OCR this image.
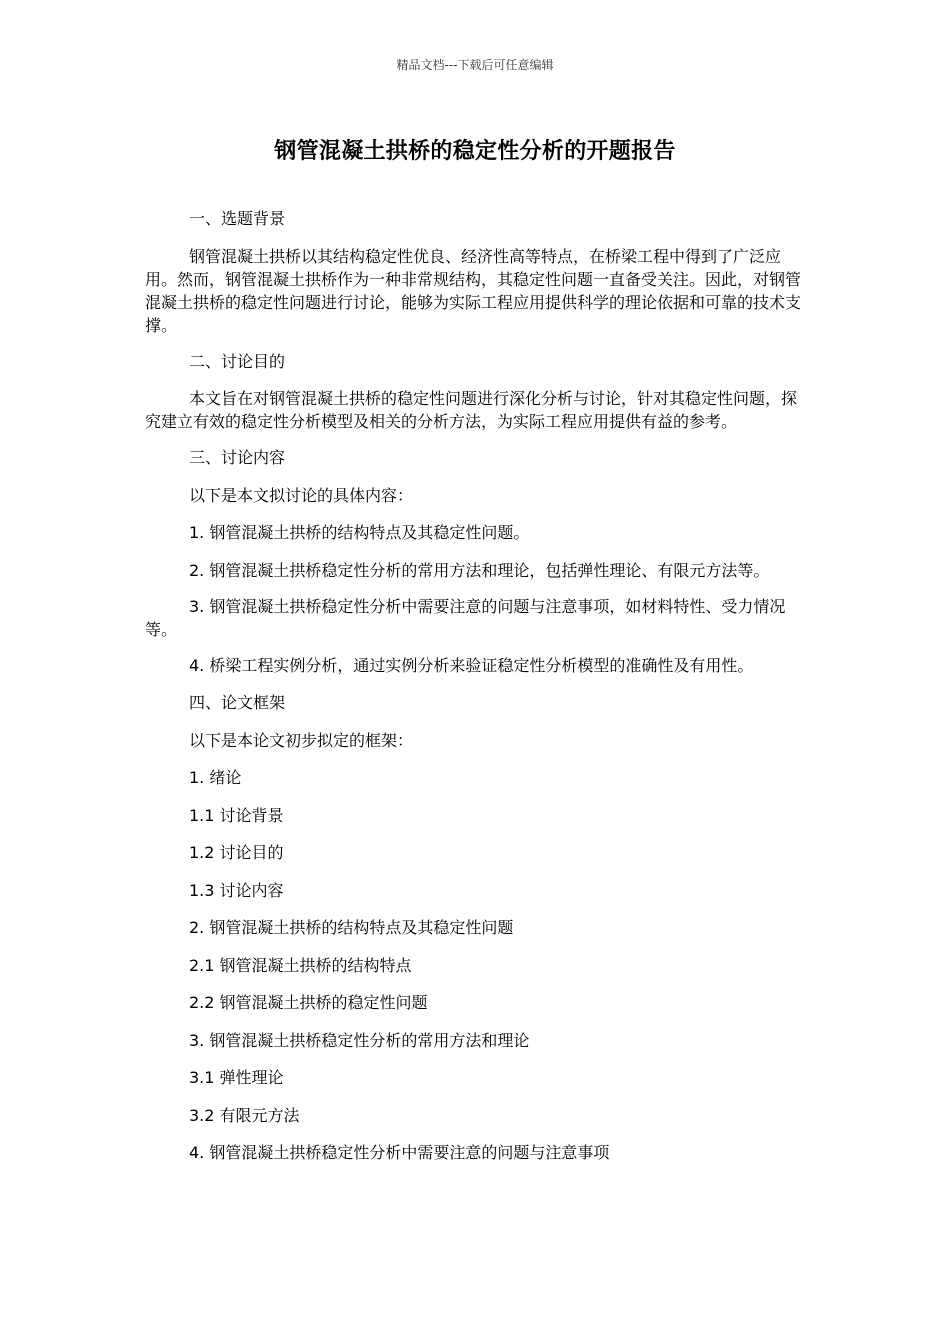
精品文档---下载后可任意编辑
钢管混凝土拱桥的稳定性分析的开题报告

一、选题背景

钢管混凝土拱桥以其结构稳定性优良、经济性高等特点，在桥梁工程中得到了广泛应用。然而，钢管混凝土拱桥作为一种非常规结构，其稳定性问题一直备受关注。因此，对钢管混凝土拱桥的稳定性问题进行讨论，能够为实际工程应用提供科学的理论依据和可靠的技术支撑。

二、讨论目的

本文旨在对钢管混凝土拱桥的稳定性问题进行深化分析与讨论，针对其稳定性问题，探究建立有效的稳定性分析模型及相关的分析方法，为实际工程应用提供有益的参考。

三、讨论内容

以下是本文拟讨论的具体内容：

1. 钢管混凝土拱桥的结构特点及其稳定性问题。

2. 钢管混凝土拱桥稳定性分析的常用方法和理论，包括弹性理论、有限元方法等。

3. 钢管混凝土拱桥稳定性分析中需要注意的问题与注意事项，如材料特性、受力情况等。

4. 桥梁工程实例分析，通过实例分析来验证稳定性分析模型的准确性及有用性。

四、论文框架

以下是本论文初步拟定的框架：

1. 绪论

1.1 讨论背景

1.2 讨论目的

1.3 讨论内容

2. 钢管混凝土拱桥的结构特点及其稳定性问题

2.1 钢管混凝土拱桥的结构特点

2.2 钢管混凝土拱桥的稳定性问题

3. 钢管混凝土拱桥稳定性分析的常用方法和理论

3.1 弹性理论

3.2 有限元方法

4. 钢管混凝土拱桥稳定性分析中需要注意的问题与注意事项
